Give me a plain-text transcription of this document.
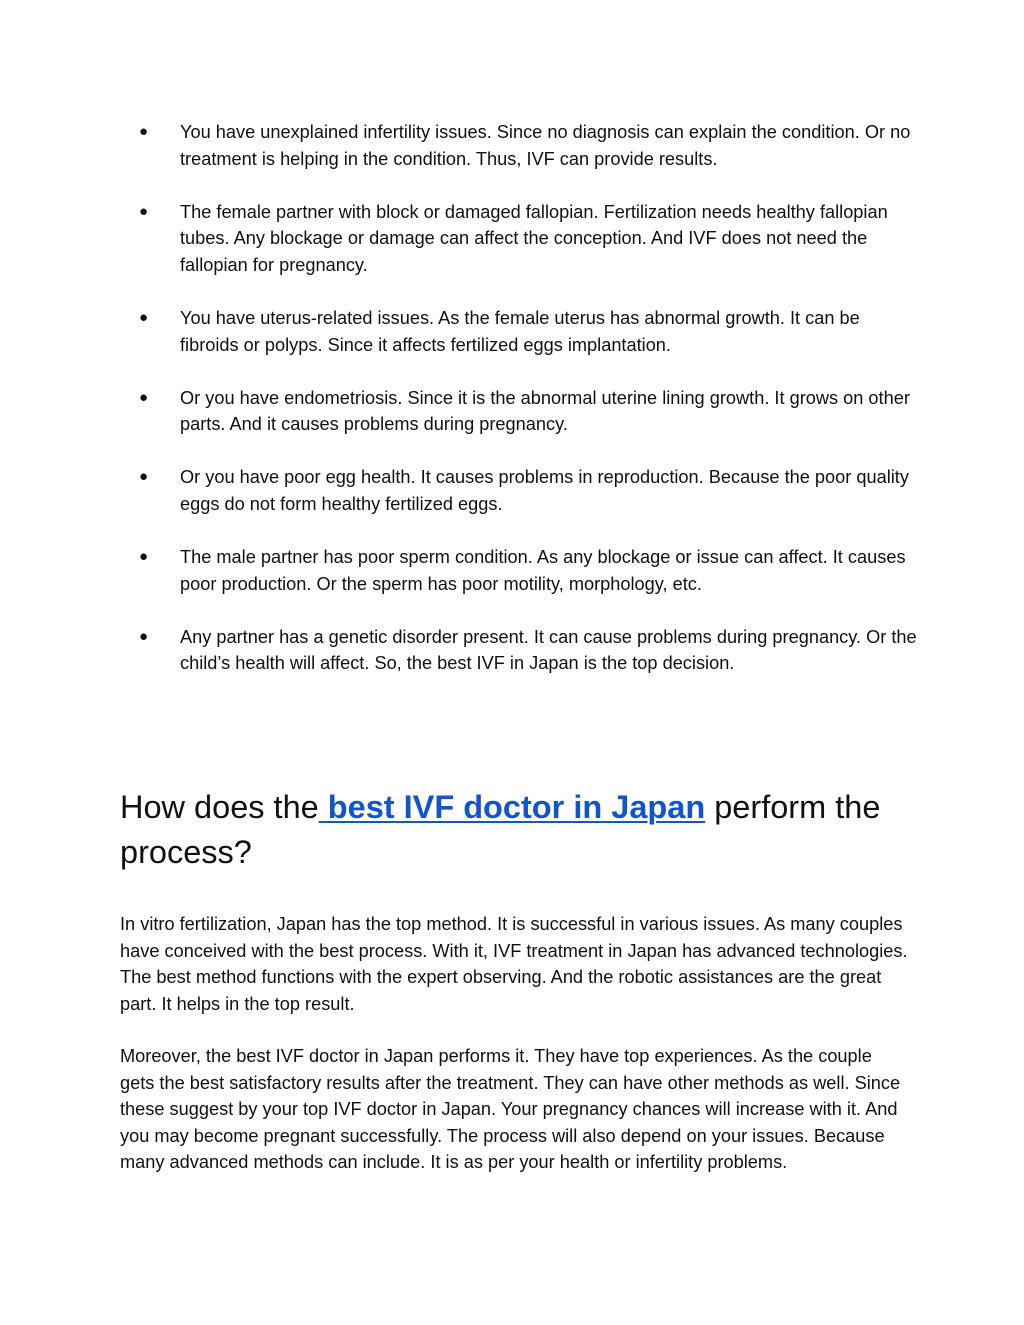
● You have unexplained infertility issues. Since no diagnosis can explain the condition. Or no treatment is helping in the condition. Thus, IVF can provide results.
● The female partner with block or damaged fallopian. Fertilization needs healthy fallopian tubes. Any blockage or damage can affect the conception. And IVF does not need the fallopian for pregnancy.
● You have uterus-related issues. As the female uterus has abnormal growth. It can be fibroids or polyps. Since it affects fertilized eggs implantation.
● Or you have endometriosis. Since it is the abnormal uterine lining growth. It grows on other parts. And it causes problems during pregnancy.
● Or you have poor egg health. It causes problems in reproduction. Because the poor quality eggs do not form healthy fertilized eggs.
● The male partner has poor sperm condition. As any blockage or issue can affect. It causes poor production. Or the sperm has poor motility, morphology, etc.
● Any partner has a genetic disorder present. It can cause problems during pregnancy. Or the child’s health will affect. So, the best IVF in Japan is the top decision.
How does the best IVF doctor in Japan perform the process?

In vitro fertilization, Japan has the top method. It is successful in various issues. As many couples have conceived with the best process. With it, IVF treatment in Japan has advanced technologies. The best method functions with the expert observing. And the robotic assistances are the great part. It helps in the top result.

Moreover, the best IVF doctor in Japan performs it. They have top experiences. As the couple gets the best satisfactory results after the treatment. They can have other methods as well. Since these suggest by your top IVF doctor in Japan. Your pregnancy chances will increase with it. And you may become pregnant successfully. The process will also depend on your issues. Because many advanced methods can include. It is as per your health or infertility problems.
